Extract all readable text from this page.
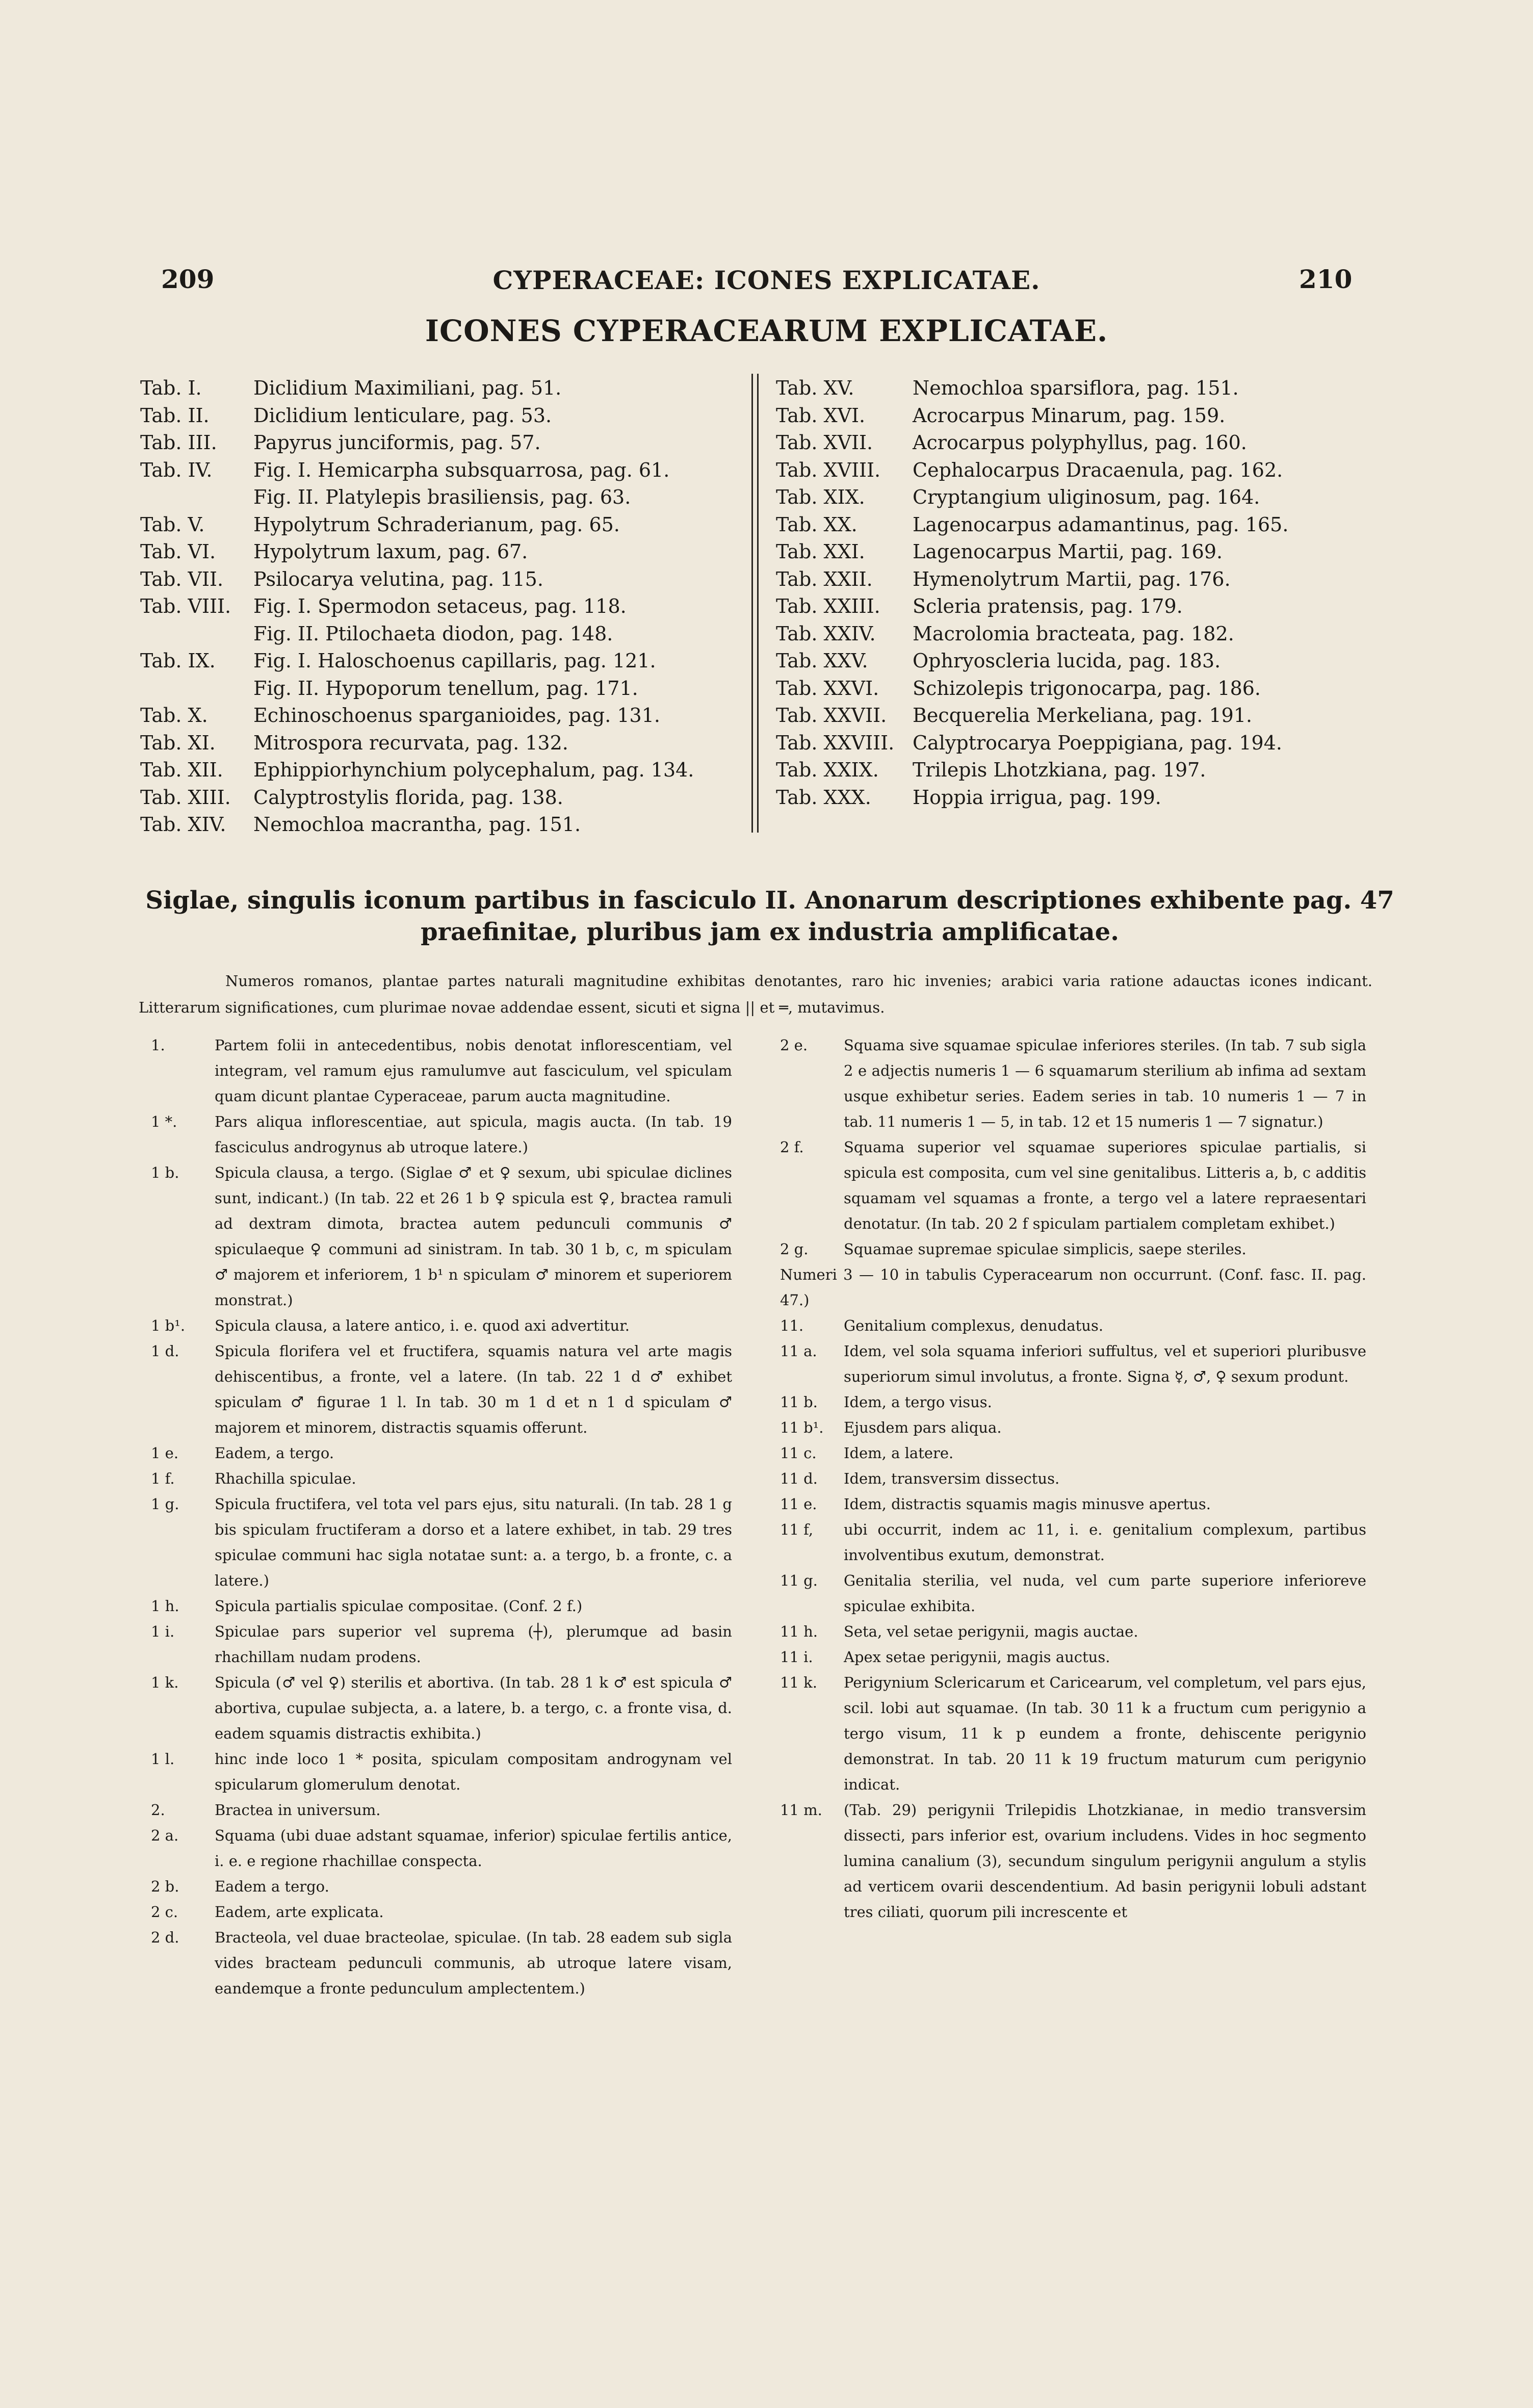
209	CYPERACEAE: ICONES EXPLICATAE.	210
ICONES CYPERACEARUM EXPLICATAE.
Tab. I.	Diclidium Maximiliani, pag. 51.
Tab. II. Diclidium lenticulare, pag. 53.
Tab. III. Papyrus junciformis, pag. 57.
Tab. IV. Fig. I. Hemicarpha subsquarrosa, pag. 61.
Fig. II. Platylepis brasiliensis, pag. 63.
Tab. V.	Hypolytrum Schraderianum, pag. 65.
Tab. VI. Hypolytrum laxum, pag. 67.
Tab. VII. Psilocarya velutina, pag. 115.
Tab. VIII. Fig. I. Spermodon setaceus, pag. 118.
Fig. II. Ptilochaeta diodon, pag. 148.
Tab. IX. Fig. I. Haloschoenus capillaris, pag. 121.
Fig. II. Hypoporum tenellum, pag. 171.
Tab. X. Echinoschoenus sparganioides, pag. 131.
Tab. XI. Mitrospora recurvata, pag. 132.
Tab. XII. Ephippiorhynchium polycephalum, pag. 134.
Tab. XIII. Calyptrostylis florida, pag. 138.
Tab. XIV. Nemochloa macrantha, pag. 151.
Tab. XV.	Nemochloa sparsiflora, pag. 151.
Tab. XVI. Acrocarpus Minarum, pag. 159.
Tab. XVII. Acrocarpus polyphyllus, pag. 160.
Tab. XVIII. Cephalocarpus Dracaenula, pag. 162.
Tab. XIX. Cryptangium uliginosum, pag. 164.
Tab. XX.	Lagenocarpus adamantinus, pag. 165.
Tab. XXI. Lagenocarpus Martii, pag. 169.
Tab. XXII. Hymenolytrum Martii, pag. 176.
Tab. XXIII. Scleria pratensis, pag. 179.
Tab. XXIV. Macrolomia bracteata, pag. 182.
Tab. XXV. Ophryoscleria lucida, pag. 183.
Tab. XXVI. Schizolepis trigonocarpa, pag. 186.
Tab. XXVII. Becquerelia Merkeliana, pag. 191.
Tab. XXVIII. Calyptrocarya Poeppigiana, pag. 194.
Tab. XXIX. Trilepis Lhotzkiana, pag. 197.
Tab. XXX. Hoppia irrigua, pag. 199.
Siglae, singulis iconum partibus in fasciculo II. Anonarum descriptiones exhibente pag. 47 praefinitae, pluribus jam ex industria amplificatae.
Numeros romanos, plantae partes naturali magnitudine exhibitas denotantes, raro hic invenies; arabici varia ratione adauctas icones indicant. Litterarum significationes, cum plurimae novae addendae essent, sicuti et signa || et ═, mutavimus.
1.	Partem folii in antecedentibus, nobis denotat inflorescentiam, vel integram, vel ramum ejus ramulumve aut fasciculum, vel spiculam quam dicunt plantae Cyperaceae, parum aucta magnitudine.
1 *.	Pars aliqua inflorescentiae, aut spicula, magis aucta. (In tab. 19 fasciculus androgynus ab utroque latere.)
1 b.	Spicula clausa, a tergo. (Siglae ♂ et ♀ sexum, ubi spiculae diclines sunt, indicant.) (In tab. 22 et 26 1 b ♀ spicula est ♀, bractea ramuli ad dextram dimota, bractea autem pedunculi communis ♂ spiculaeque ♀ communi ad sinistram. In tab. 30 1 b, c, m spiculam ♂ majorem et inferiorem, 1 b¹ n spiculam ♂ minorem et superiorem monstrat.)
1 b¹.	Spicula clausa, a latere antico, i. e. quod axi advertitur.
1 d.	Spicula florifera vel et fructifera, squamis natura vel arte magis dehiscentibus, a fronte, vel a latere. (In tab. 22 1 d ♂ exhibet spiculam ♂ figurae 1 l. In tab. 30 m 1 d et n 1 d spiculam ♂ majorem et minorem, distractis squamis offerunt.
1 e.	Eadem, a tergo.
1 f.	Rhachilla spiculae.
1 g.	Spicula fructifera, vel tota vel pars ejus, situ naturali. (In tab. 28 1 g bis spiculam fructiferam a dorso et a latere exhibet, in tab. 29 tres spiculae communi hac sigla notatae sunt: a. a tergo, b. a fronte, c. a latere.)
1 h.	Spicula partialis spiculae compositae. (Conf. 2 f.)
1 i.	Spiculae pars superior vel suprema (┼), plerumque ad basin rhachillam nudam prodens.
1 k.	Spicula (♂ vel ♀) sterilis et abortiva. (In tab. 28 1 k ♂ est spicula ♂ abortiva, cupulae subjecta, a. a latere, b. a tergo, c. a fronte visa, d. eadem squamis distractis exhibita.)
1 l.	hinc inde loco 1 * posita, spiculam compositam androgynam vel spicularum glomerulum denotat.
2.	Bractea in universum.
2 a.	Squama (ubi duae adstant squamae, inferior) spiculae fertilis antice, i. e. e regione rhachillae conspecta.
2 b.	Eadem a tergo.
2 c.	Eadem, arte explicata.
2 d.	Bracteola, vel duae bracteolae, spiculae. (In tab. 28 eadem sub sigla vides bracteam pedunculi communis, ab utroque latere visam, eandemque a fronte pedunculum amplectentem.)
2 e.	Squama sive squamae spiculae inferiores steriles. (In tab. 7 sub sigla 2 e adjectis numeris 1 — 6 squamarum sterilium ab infima ad sextam usque exhibetur series. Eadem series in tab. 10 numeris 1 — 7 in tab. 11 numeris 1 — 5, in tab. 12 et 15 numeris 1 — 7 signatur.)
2 f.	Squama superior vel squamae superiores spiculae partialis, si spicula est composita, cum vel sine genitalibus. Litteris a, b, c additis squamam vel squamas a fronte, a tergo vel a latere repraesentari denotatur. (In tab. 20 2 f spiculam partialem completam exhibet.)
2 g.	Squamae supremae spiculae simplicis, saepe steriles.
Numeri 3 — 10 in tabulis Cyperacearum non occurrunt. (Conf. fasc. II. pag. 47.)
11.	Genitalium complexus, denudatus.
11 a.	Idem, vel sola squama inferiori suffultus, vel et superiori pluribusve superiorum simul involutus, a fronte. Signa ☿, ♂, ♀ sexum produnt.
11 b.	Idem, a tergo visus.
11 b¹.	Ejusdem pars aliqua.
11 c.	Idem, a latere.
11 d.	Idem, transversim dissectus.
11 e.	Idem, distractis squamis magis minusve apertus.
11 f,	ubi occurrit, indem ac 11, i. e. genitalium complexum, partibus involventibus exutum, demonstrat.
11 g.	Genitalia sterilia, vel nuda, vel cum parte superiore inferioreve spiculae exhibita.
11 h.	Seta, vel setae perigynii, magis auctae.
11 i.	Apex setae perigynii, magis auctus.
11 k.	Perigynium Sclericarum et Caricearum, vel completum, vel pars ejus, scil. lobi aut squamae. (In tab. 30 11 k a fructum cum perigynio a tergo visum, 11 k p eundem a fronte, dehiscente perigynio demonstrat. In tab. 20 11 k 19 fructum maturum cum perigynio indicat.
11 m.	(Tab. 29) perigynii Trilepidis Lhotzkianae, in medio transversim dissecti, pars inferior est, ovarium includens. Vides in hoc segmento lumina canalium (3), secundum singulum perigynii angulum a stylis ad verticem ovarii descendentium. Ad basin perigynii lobuli adstant tres ciliati, quorum pili increscente et
